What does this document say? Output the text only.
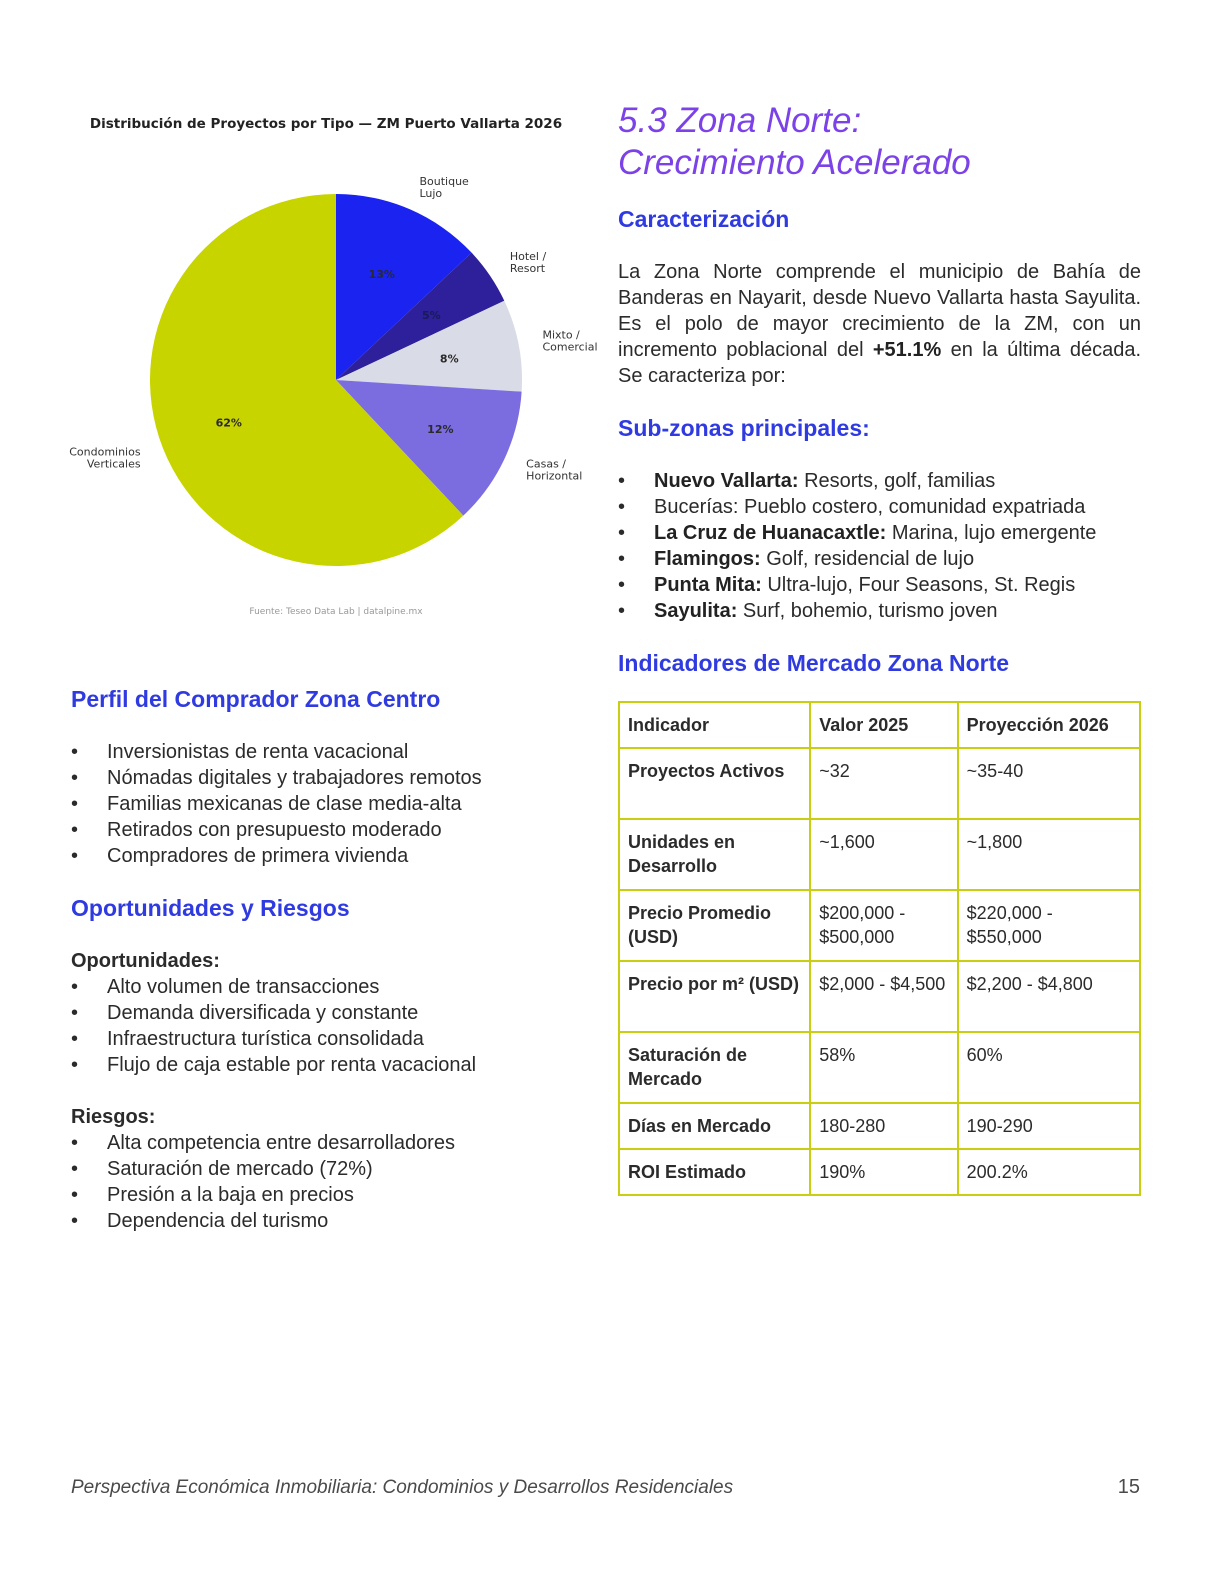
Distribución de Proyectos por Tipo — ZM Puerto Vallarta 2026
13%
Boutique Lujo
5%
Hotel / Resort
8%
Mixto / Comercial
12%
Casas / Horizontal
62%
Condominios Verticales
Fuente: Teseo Data Lab | datalpine.mx
Perfil del Comprador Zona Centro
• Inversionistas de renta vacacional
• Nómadas digitales y trabajadores remotos
• Familias mexicanas de clase media-alta
• Retirados con presupuesto moderado
• Compradores de primera vivienda
Oportunidades y Riesgos
Oportunidades:
• Alto volumen de transacciones
• Demanda diversificada y constante
• Infraestructura turística consolidada
• Flujo de caja estable por renta vacacional
Riesgos:
• Alta competencia entre desarrolladores
• Saturación de mercado (72%)
• Presión a la baja en precios
• Dependencia del turismo
5.3 Zona Norte:
Crecimiento Acelerado
Caracterización

La Zona Norte comprende el municipio de Bahía de Banderas en Nayarit, desde Nuevo Vallarta hasta Sayulita. Es el polo de mayor crecimiento de la ZM, con un incremento poblacional del +51.1% en la última década. Se caracteriza por:

Sub-zonas principales:
• Nuevo Vallarta: Resorts, golf, familias
• Bucerías: Pueblo costero, comunidad expatriada
• La Cruz de Huanacaxtle: Marina, lujo emergente
• Flamingos: Golf, residencial de lujo
• Punta Mita: Ultra-lujo, Four Seasons, St. Regis
• Sayulita: Surf, bohemio, turismo joven
Indicadores de Mercado Zona Norte
Indicador	Valor 2025	Proyección 2026
Proyectos Activos	~32	~35-40
Unidades en Desarrollo	~1,600	~1,800
Precio Promedio (USD)	$200,000 - $500,000	$220,000 - $550,000
Precio por m² (USD)	$2,000 - $4,500	$2,200 - $4,800
Saturación de Mercado	58%	60%
Días en Mercado	180-280	190-290
ROI Estimado	190%	200.2%
Perspectiva Económica Inmobiliaria: Condominios y Desarrollos Residenciales	15
